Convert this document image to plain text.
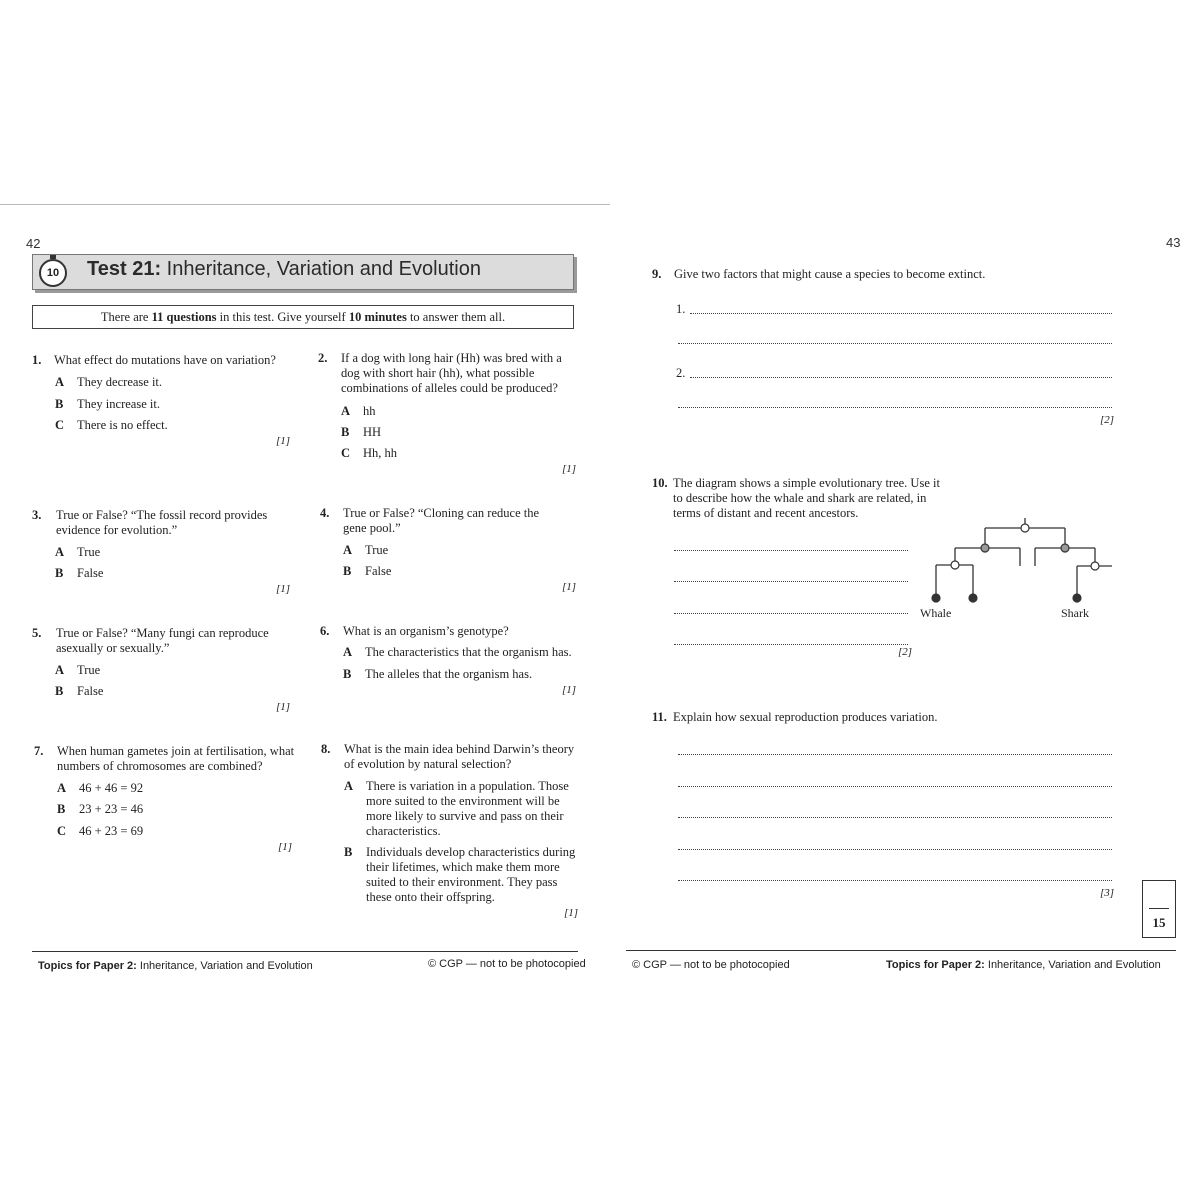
42	43
10	Test 21: Inheritance, Variation and Evolution
There are 11 questions in this test. Give yourself 10 minutes to answer them all.
1. What effect do mutations have on variation?
A They decrease it.
B They increase it.
C There is no effect.
[1]
2. If a dog with long hair (Hh) was bred with a dog with short hair (hh), what possible combinations of alleles could be produced?
A hh
B HH
C Hh, hh
[1]
3. True or False? “The fossil record provides evidence for evolution.”
A True
B False
[1]
4. True or False? “Cloning can reduce the gene pool.”
A True
B False
[1]
5. True or False? “Many fungi can reproduce asexually or sexually.”
A True
B False
[1]
6. What is an organism’s genotype?
A The characteristics that the organism has.
B The alleles that the organism has.
[1]
7. When human gametes join at fertilisation, what numbers of chromosomes are combined?
A 46 + 46 = 92
B 23 + 23 = 46
C 46 + 23 = 69
[1]
8. What is the main idea behind Darwin’s theory of evolution by natural selection?
A	There is variation in a population. Those more suited to the environment will be more likely to survive and pass on their characteristics.
B	Individuals develop characteristics during their lifetimes, which make them more suited to their environment. They pass these onto their offspring.
[1]
Topics for Paper 2: Inheritance, Variation and Evolution	© CGP — not to be photocopied
9. Give two factors that might cause a species to become extinct.
1.
2.
[2]
10. The diagram shows a simple evolutionary tree. Use it to describe how the whale and shark are related, in terms of distant and recent ancestors.
[2]
Whale	Shark
11. Explain how sexual reproduction produces variation.
[3]
15
© CGP — not to be photocopied	Topics for Paper 2: Inheritance, Variation and Evolution
